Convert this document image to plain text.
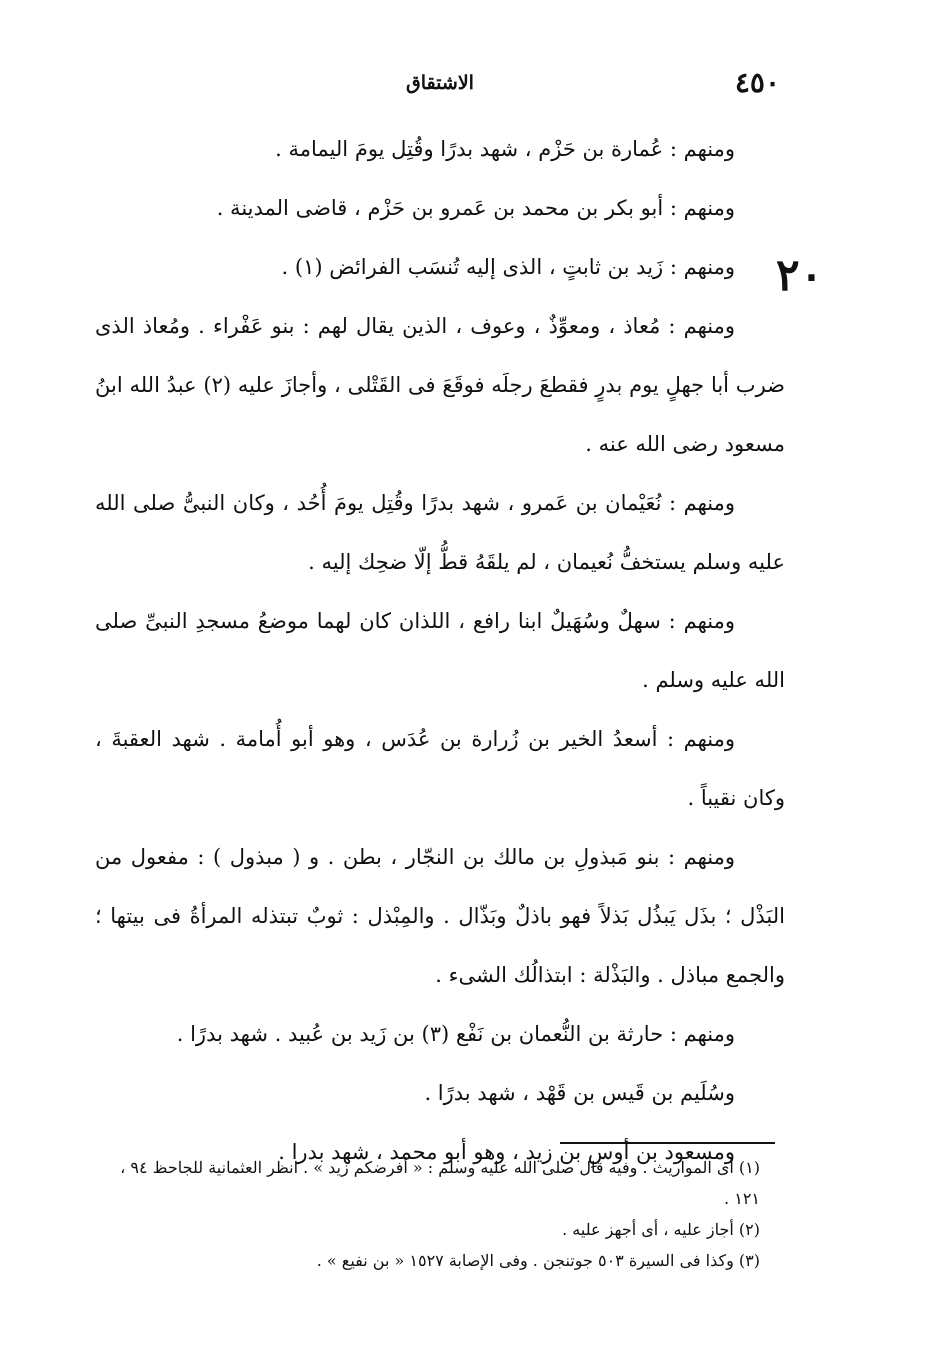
٤٥٠
الاشتقاق
٢٠

ومنهم : عُمارة بن حَزْم ، شهد بدرًا وقُتِل يومَ اليمامة .

ومنهم : أبو بكر بن محمد بن عَمرو بن حَزْم ، قاضى المدينة .

ومنهم : زَيد بن ثابتٍ ، الذى إليه تُنسَب الفرائض (١) .

ومنهم : مُعاذ ، ومعوِّذٌ ، وعوف ، الذين يقال لهم : بنو عَفْراء . ومُعاذ الذى ضرب أبا جهلٍ يوم بدرٍ فقطعَ رجلَه فوقَعَ فى القَتْلى ، وأجازَ عليه (٢) عبدُ الله ابنُ مسعود رضى الله عنه .

ومنهم : نُعَيْمان بن عَمرو ، شهد بدرًا وقُتِل يومَ أُحُد ، وكان النبىُّ صلى الله عليه وسلم يستخفُّ نُعيمان ، لم يلقَهُ قطُّ إلّا ضحِك إليه .

ومنهم : سهلٌ وسُهَيلٌ ابنا رافع ، اللذان كان لهما موضعُ مسجدِ النبىِّ صلى الله عليه وسلم .

ومنهم : أسعدُ الخير بن زُرارة بن عُدَس ، وهو أبو أُمامة . شهد العقبةَ ، وكان نقيباً .

ومنهم : بنو مَبذولِ بن مالك بن النجّار ، بطن . و ( مبذول ) : مفعول من البَذْل ؛ بذَل يَبذُل بَذلاً فهو باذلٌ وبَذّال . والمِبْذل : ثوبٌ تبتذله المرأةُ فى بيتها ؛ والجمع مباذل . والبَذْلة : ابتذالُك الشىء .

ومنهم : حارثة بن النُّعمان بن نَفْع (٣) بن زَيد بن عُبيد . شهد بدرًا .

وسُلَيم بن قَيس بن قَهْد ، شهد بدرًا .

ومسعود بن أوسِ بن زيد ، وهو أبو محمد ، شهد بدرا .

(١) أى المواريث . وفيه قال صلى الله عليه وسلم : « أفرضكم زيد » . انظر العثمانية للجاحظ ٩٤ ، ١٢١ .

(٢) أجاز عليه ، أى أجهز عليه .

(٣) وكذا فى السيرة ٥٠٣ جوتنجن . وفى الإصابة ١٥٢٧ « بن نفيع » .
